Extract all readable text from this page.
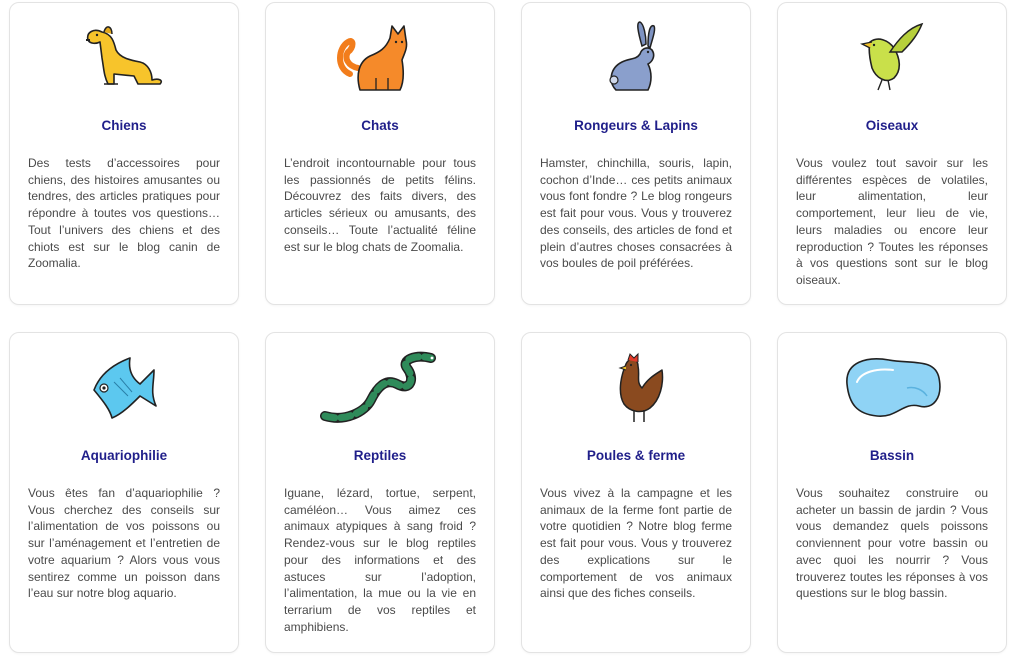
Chiens

Des tests d’accessoires pour chiens, des histoires amusantes ou tendres, des articles pratiques pour répondre à toutes vos questions… Tout l’univers des chiens et des chiots est sur le blog canin de Zoomalia.

Chats

L’endroit incontournable pour tous les passionnés de petits félins. Découvrez des faits divers, des articles sérieux ou amusants, des conseils… Toute l’actualité féline est sur le blog chats de Zoomalia.

Rongeurs & Lapins

Hamster, chinchilla, souris, lapin, cochon d’Inde… ces petits animaux vous font fondre ? Le blog rongeurs est fait pour vous. Vous y trouverez des conseils, des articles de fond et plein d’autres choses consacrées à vos boules de poil préférées.

Oiseaux

Vous voulez tout savoir sur les différentes espèces de volatiles, leur alimentation, leur comportement, leur lieu de vie, leurs maladies ou encore leur reproduction ? Toutes les réponses à vos questions sont sur le blog oiseaux.

Aquariophilie

Vous êtes fan d’aquariophilie ? Vous cherchez des conseils sur l’alimentation de vos poissons ou sur l’aménagement et l’entretien de votre aquarium ? Alors vous vous sentirez comme un poisson dans l’eau sur notre blog aquario.

Reptiles

Iguane, lézard, tortue, serpent, caméléon… Vous aimez ces animaux atypiques à sang froid ? Rendez-vous sur le blog reptiles pour des informations et des astuces sur l’adoption, l’alimentation, la mue ou la vie en terrarium de vos reptiles et amphibiens.

Poules & ferme

Vous vivez à la campagne et les animaux de la ferme font partie de votre quotidien ? Notre blog ferme est fait pour vous. Vous y trouverez des explications sur le comportement de vos animaux ainsi que des fiches conseils.

Bassin

Vous souhaitez construire ou acheter un bassin de jardin ? Vous vous demandez quels poissons conviennent pour votre bassin ou avec quoi les nourrir ? Vous trouverez toutes les réponses à vos questions sur le blog bassin.
